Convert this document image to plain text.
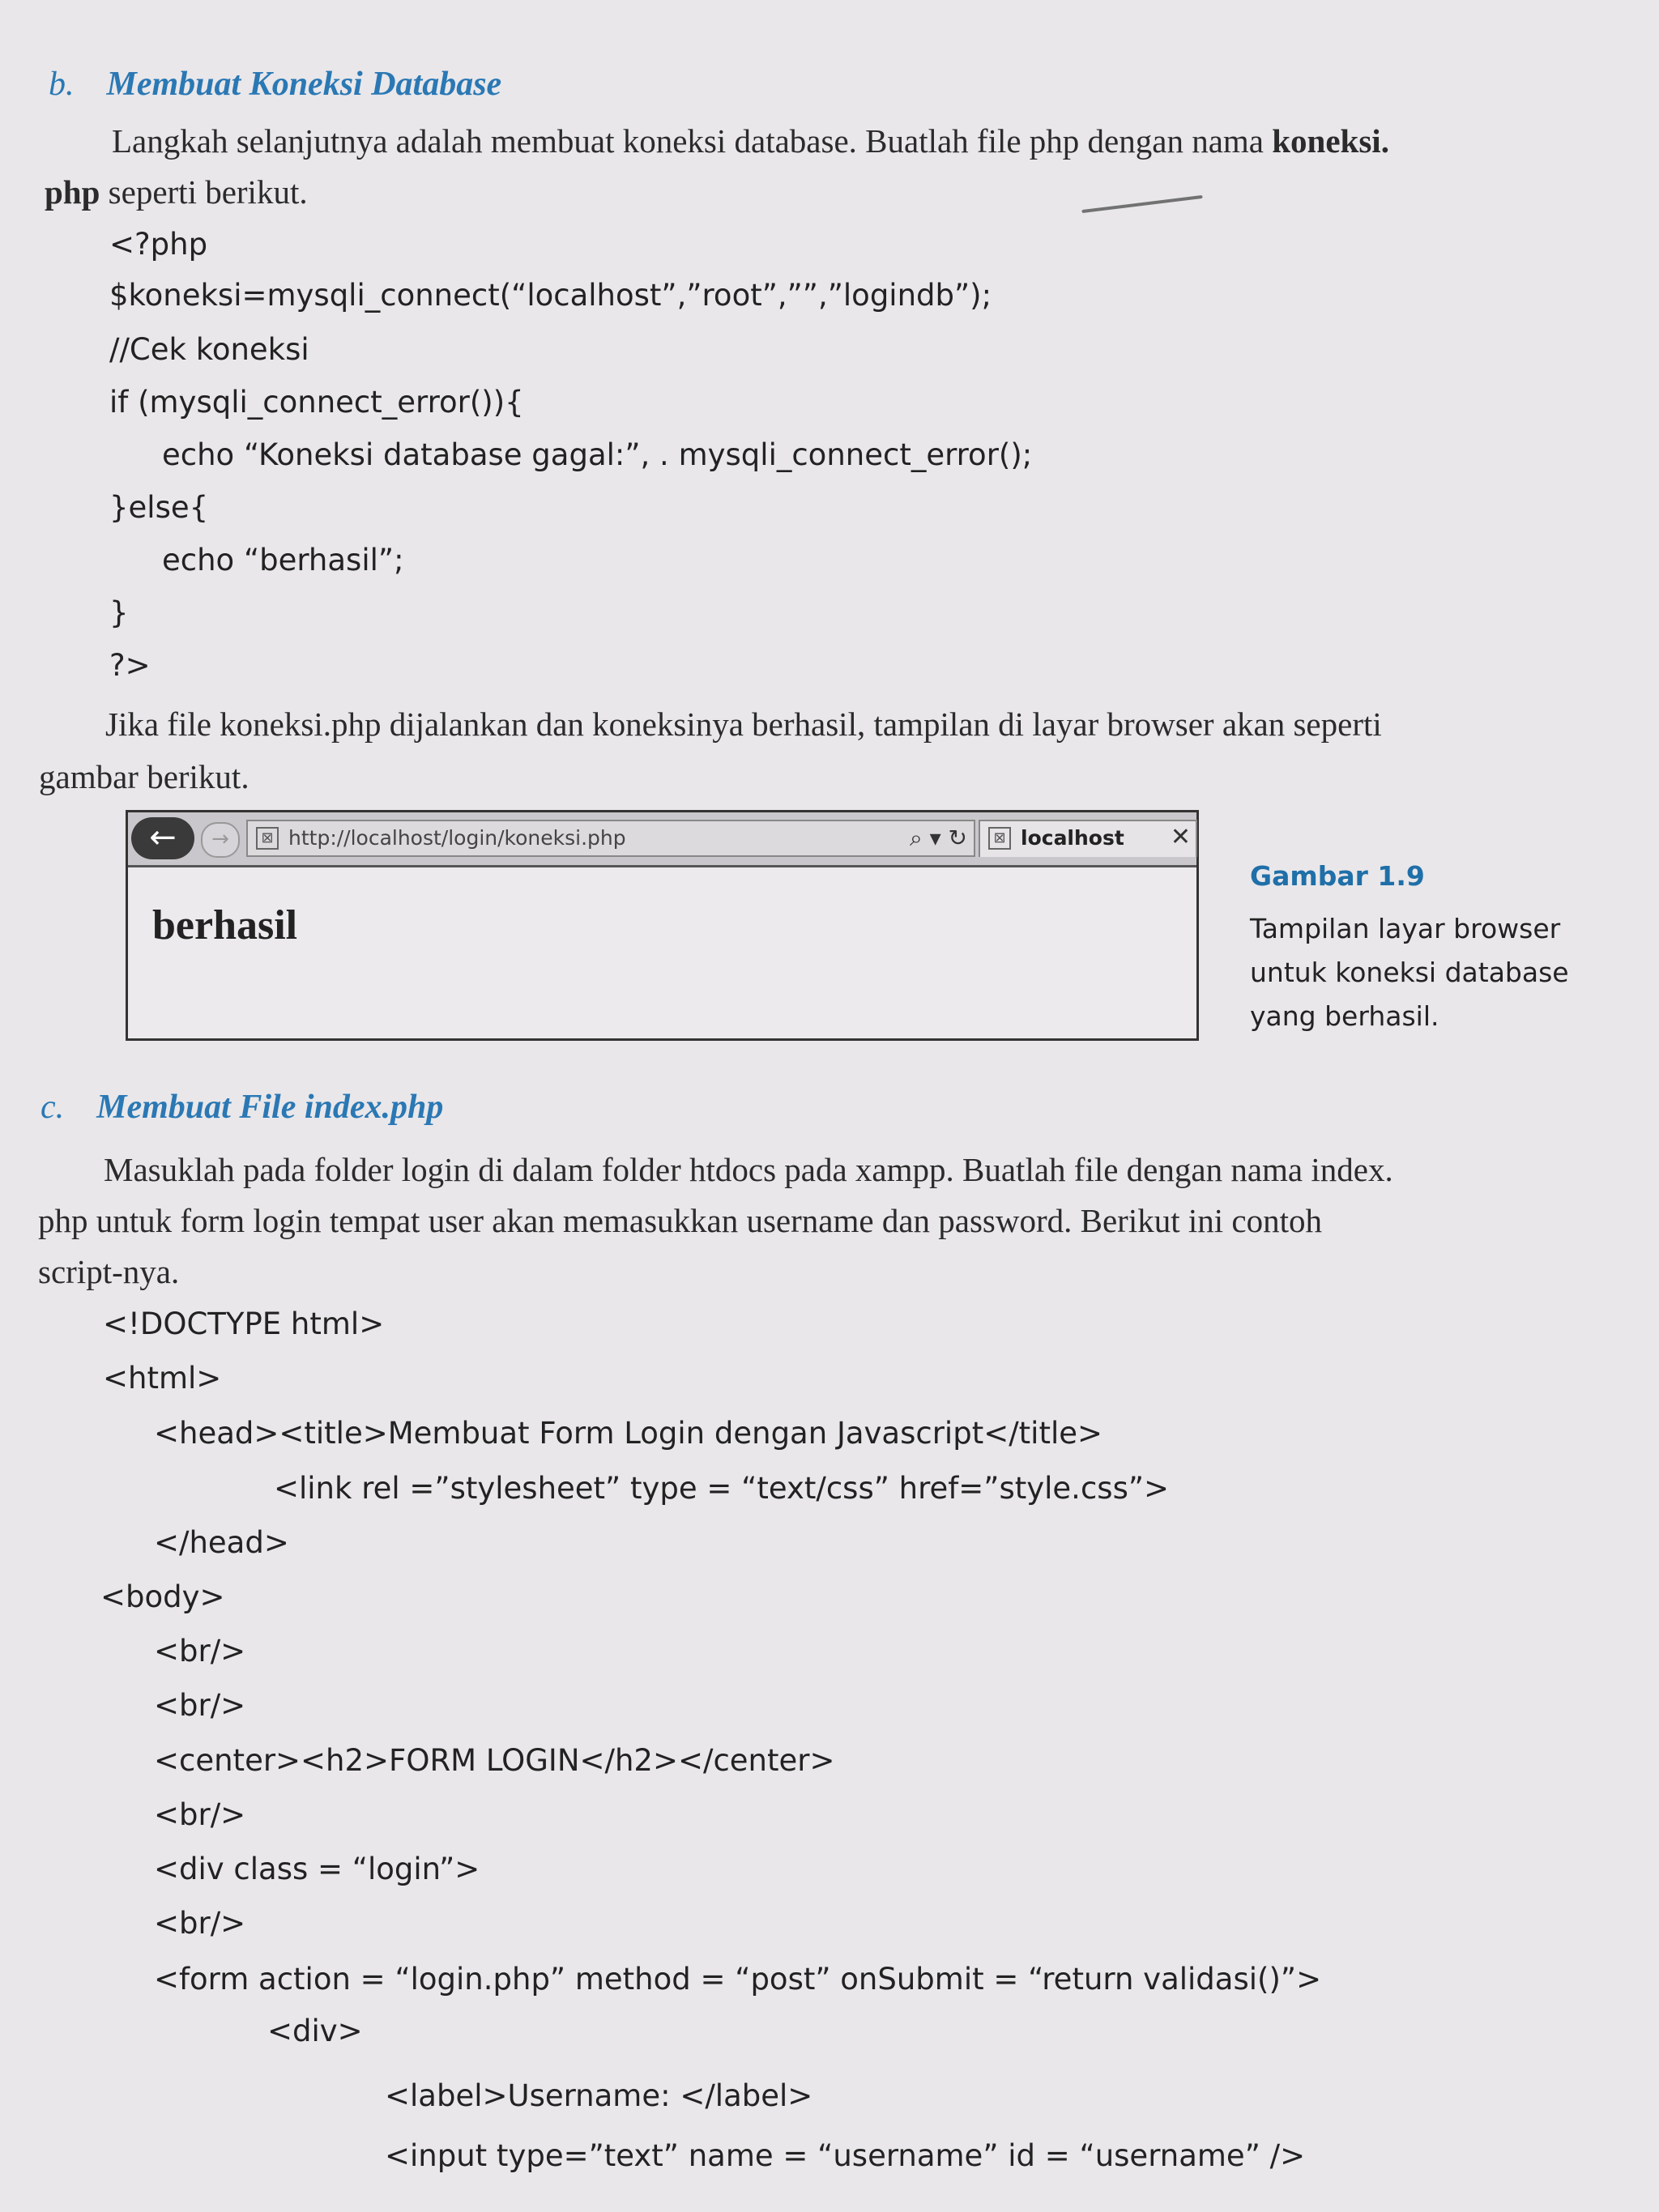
b. Membuat Koneksi Database
Langkah selanjutnya adalah membuat koneksi database. Buatlah file php dengan nama koneksi.
php seperti berikut.
<?php
$koneksi=mysqli_connect(“localhost”,”root”,””,”logindb”);
//Cek koneksi
if (mysqli_connect_error()){
echo “Koneksi database gagal:”, . mysqli_connect_error();
}else{
echo “berhasil”;
}
?>
Jika file koneksi.php dijalankan dan koneksinya berhasil, tampilan di layar browser akan seperti
gambar berikut.
←	→	⊠ http://localhost/login/koneksi.php	⌕ ▾ ↻	⊠ localhost ✕
berhasil
Gambar 1.9
Tampilan layar browser
untuk koneksi database
yang berhasil.
c. Membuat File index.php
Masuklah pada folder login di dalam folder htdocs pada xampp. Buatlah file dengan nama index.
php untuk form login tempat user akan memasukkan username dan password. Berikut ini contoh
script-nya.
<!DOCTYPE html>
<html>
<head><title>Membuat Form Login dengan Javascript</title>
<link rel =”stylesheet” type = “text/css” href=”style.css”>
</head>
<body>
<br/>
<br/>
<center><h2>FORM LOGIN</h2></center>
<br/>
<div class = “login”>
<br/>
<form action = “login.php” method = “post” onSubmit = “return validasi()”>
<div>
<label>Username: </label>
<input type=”text” name = “username” id = “username” />
